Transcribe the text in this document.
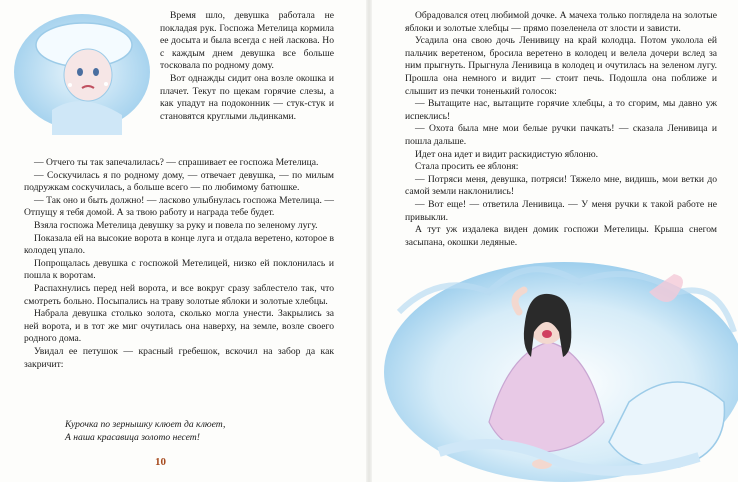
Время шло, девушка работала не покладая рук. Госпожа Метелица кормила ее досыта и была всегда с ней ласкова. Но с каждым днем девушка все больше тосковала по родному дому.

Вот однажды сидит она возле окошка и плачет. Текут по щекам горячие слезы, а как упадут на подоконник — стук-стук и становятся круглыми льдинками.

— Отчего ты так запечалилась? — спрашивает ее госпожа Метелица.

— Соскучилась я по родному дому, — отвечает девушка, — по милым подружкам соскучилась, а больше всего — по любимому батюшке.

— Так оно и быть должно! — ласково улыбнулась госпожа Метелица. — Отпущу я тебя домой. А за твою работу и награда тебе будет.

Взяла госпожа Метелица девушку за руку и повела по зеленому лугу.

Показала ей на высокие ворота в конце луга и отдала веретено, которое в колодец упало.

Попрощалась девушка с госпожой Метелицей, низко ей поклонилась и пошла к воротам.

Распахнулись перед ней ворота, и все вокруг сразу заблестело так, что смотреть больно. Посыпались на траву золотые яблоки и золотые хлебцы.

Набрала девушка столько золота, сколько могла унести. Закрылись за ней ворота, и в тот же миг очутилась она наверху, на земле, возле своего родного дома.

Увидал ее петушок — красный гребешок, вскочил на забор да как закричит:

Курочка по зернышку клюет да клюет,
А наша красавица золото несет!
10

Обрадовался отец любимой дочке. А мачеха только поглядела на золотые яблоки и золотые хлебцы — прямо позеленела от злости и зависти.

Усадила она свою дочь Ленивицу на край колодца. Потом уколола ей пальчик веретеном, бросила веретено в колодец и велела дочери вслед за ним прыгнуть. Прыгнула Ленивица в колодец и очутилась на зеленом лугу. Прошла она немного и видит — стоит печь. Подошла она поближе и слышит из печки тоненький голосок:

— Вытащите нас, вытащите горячие хлебцы, а то сгорим, мы давно уж испеклись!

— Охота была мне мои белые ручки пачкать! — сказала Ленивица и пошла дальше.

Идет она идет и видит раскидистую яблоню.

Стала просить ее яблоня:

— Потряси меня, девушка, потряси! Тяжело мне, видишь, мои ветки до самой земли наклонились!

— Вот еще! — ответила Ленивица. — У меня ручки к такой работе не привыкли.

А тут уж издалека виден домик госпожи Метелицы. Крыша снегом засыпана, окошки ледяные.
